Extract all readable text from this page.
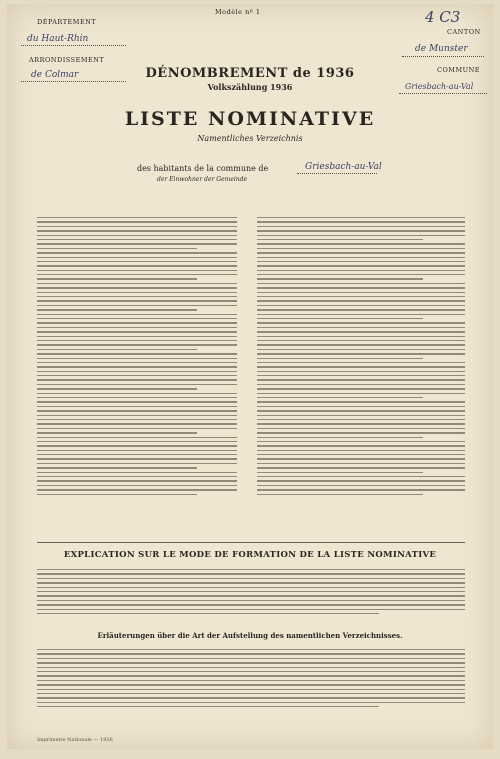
Modèle nº 1
DÉPARTEMENT
du Haut-Rhin
ARRONDISSEMENT
de Colmar
4 C3
CANTON
de Munster
COMMUNE
Griesbach-au-Val
DÉNOMBREMENT de 1936
Volkszählung 1936
LISTE NOMINATIVE
Namentliches Verzeichnis
des habitants de la commune de	Griesbach-au-Val
der Einwohner der Gemeinde
EXPLICATION SUR LE MODE DE FORMATION DE LA LISTE NOMINATIVE
Erläuterungen über die Art der Aufstellung des namentlichen Verzeichnisses.
Imprimerie Nationale — 1936
